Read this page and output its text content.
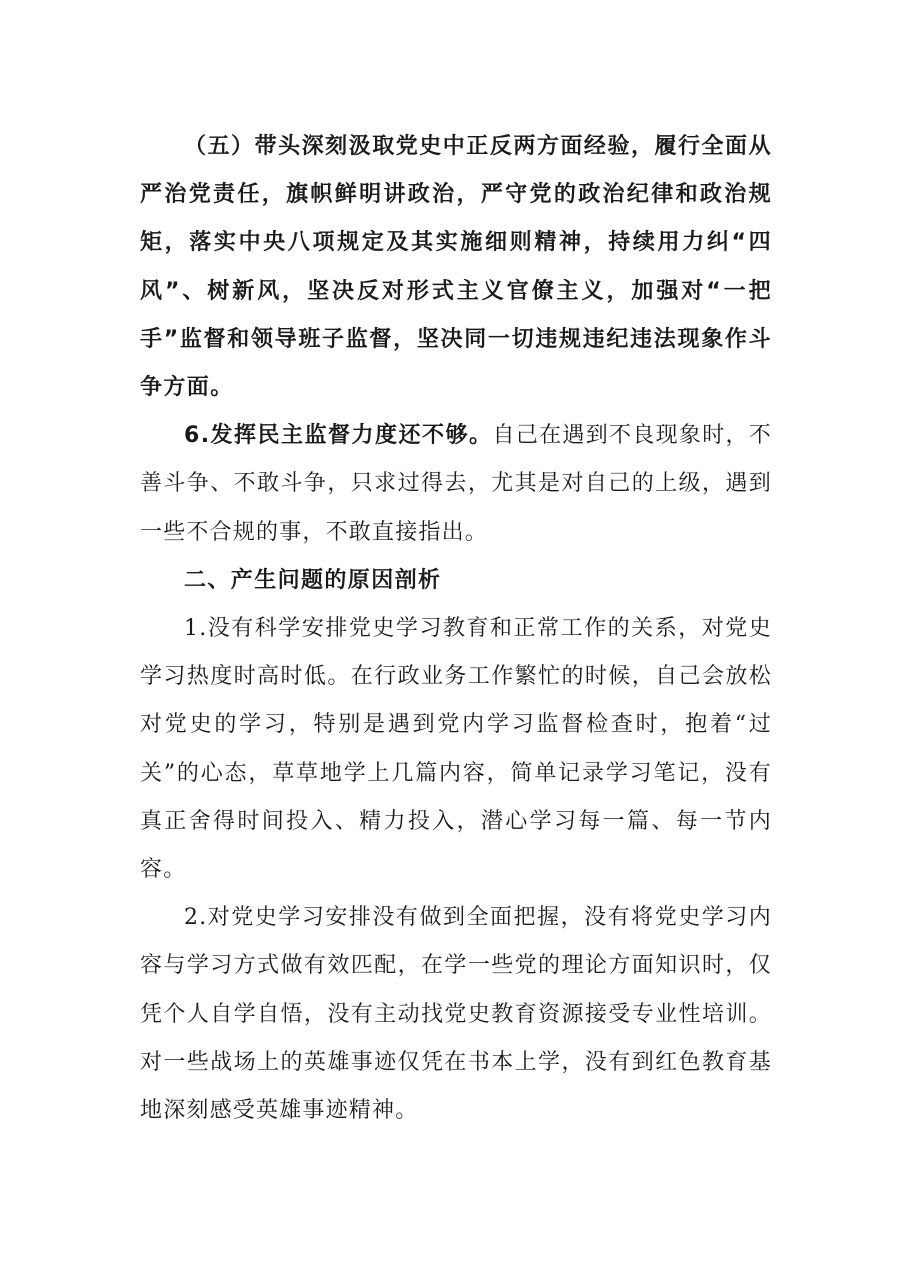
（五）带头深刻汲取党史中正反两方面经验，履行全面从严治党责任，旗帜鲜明讲政治，严守党的政治纪律和政治规矩，落实中央八项规定及其实施细则精神，持续用力纠“四风”、树新风，坚决反对形式主义官僚主义，加强对“一把手”监督和领导班子监督，坚决同一切违规违纪违法现象作斗争方面。

6.发挥民主监督力度还不够。自己在遇到不良现象时，不善斗争、不敢斗争，只求过得去，尤其是对自己的上级，遇到一些不合规的事，不敢直接指出。

二、产生问题的原因剖析

1.没有科学安排党史学习教育和正常工作的关系，对党史学习热度时高时低。在行政业务工作繁忙的时候，自己会放松对党史的学习，特别是遇到党内学习监督检查时，抱着“过关”的心态，草草地学上几篇内容，简单记录学习笔记，没有真正舍得时间投入、精力投入，潜心学习每一篇、每一节内容。

2.对党史学习安排没有做到全面把握，没有将党史学习内容与学习方式做有效匹配，在学一些党的理论方面知识时，仅凭个人自学自悟，没有主动找党史教育资源接受专业性培训。对一些战场上的英雄事迹仅凭在书本上学，没有到红色教育基地深刻感受英雄事迹精神。
